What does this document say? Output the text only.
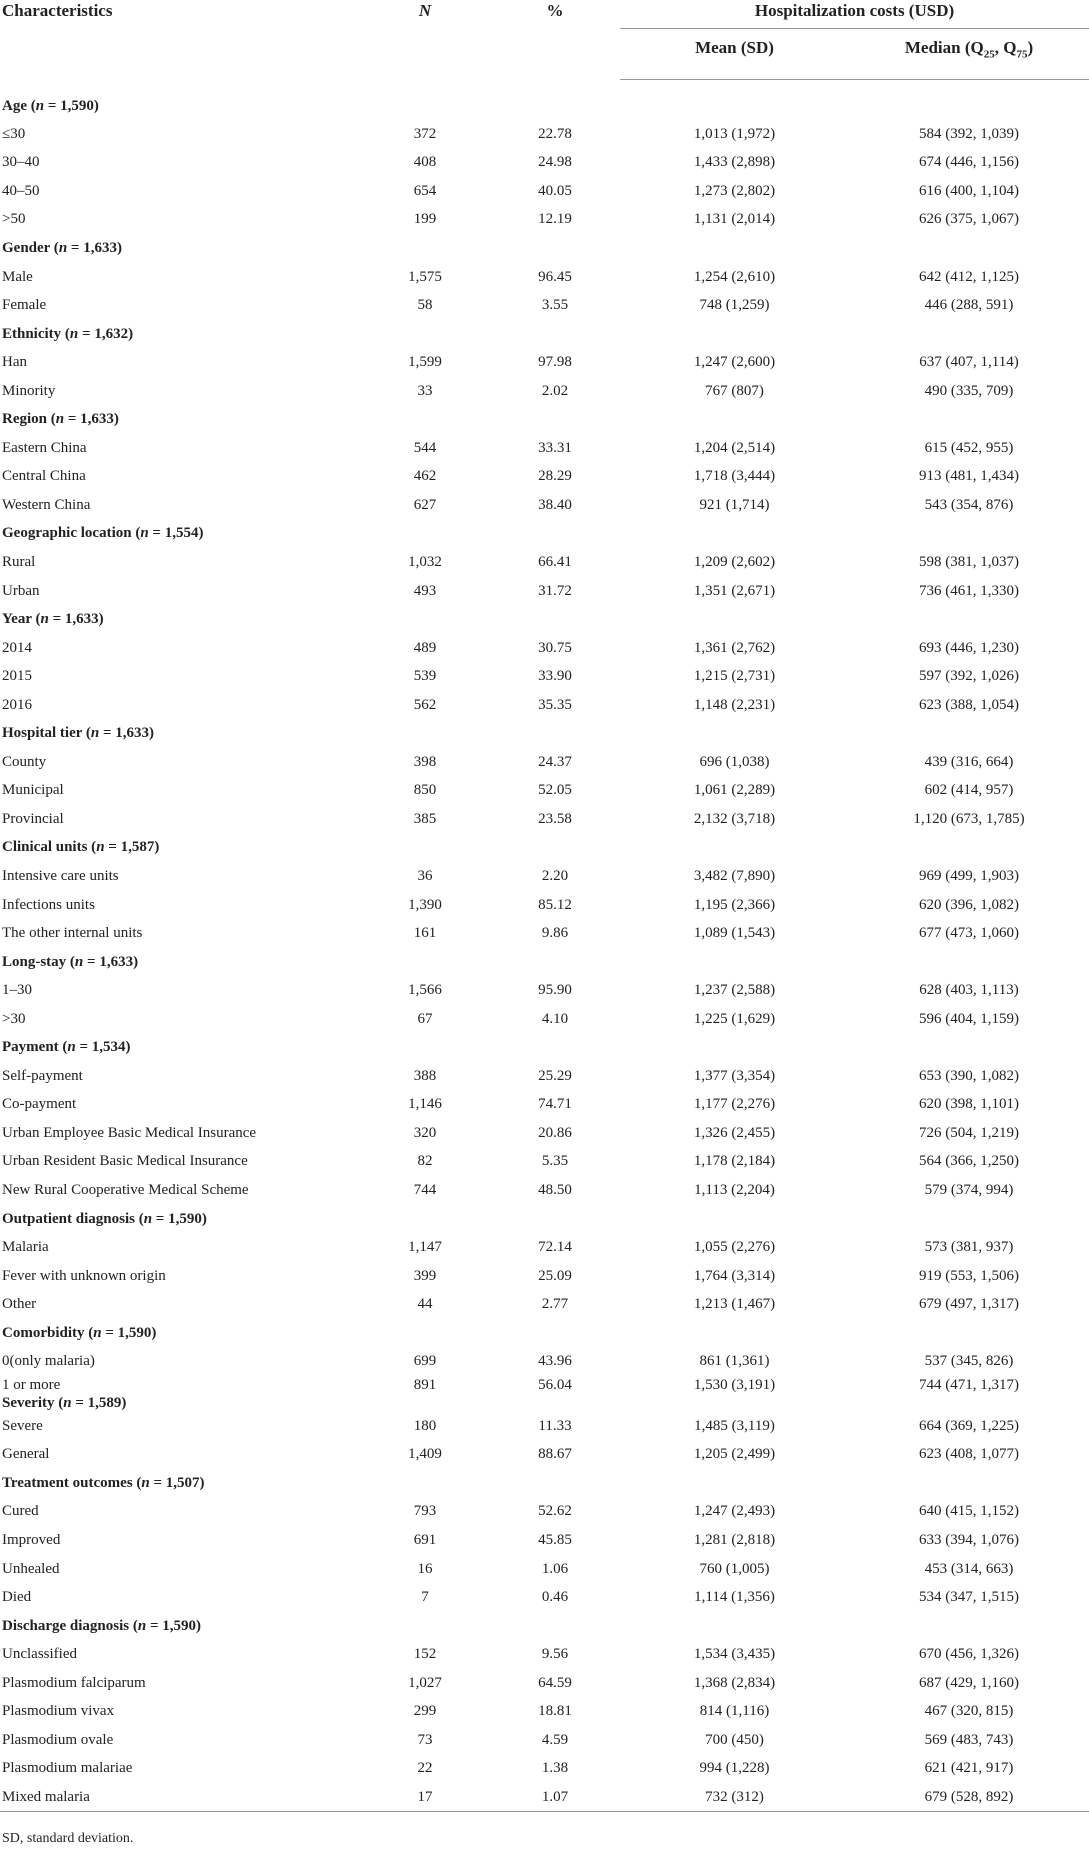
Characteristics	N	%	Hospitalization costs (USD)	
			Mean (SD)	Median ($Q_{25}$, $Q_{75}$)
Age (n = 1,590)				
≤30	372	22.78	1,013 (1,972)	584 (392, 1,039)
30–40	408	24.98	1,433 (2,898)	674 (446, 1,156)
40–50	654	40.05	1,273 (2,802)	616 (400, 1,104)
>50	199	12.19	1,131 (2,014)	626 (375, 1,067)
Gender (n = 1,633)				
Male	1,575	96.45	1,254 (2,610)	642 (412, 1,125)
Female	58	3.55	748 (1,259)	446 (288, 591)
Ethnicity (n = 1,632)				
Han	1,599	97.98	1,247 (2,600)	637 (407, 1,114)
Minority	33	2.02	767 (807)	490 (335, 709)
Region (n = 1,633)				
Eastern China	544	33.31	1,204 (2,514)	615 (452, 955)
Central China	462	28.29	1,718 (3,444)	913 (481, 1,434)
Western China	627	38.40	921 (1,714)	543 (354, 876)
Geographic location (n = 1,554)				
Rural	1,032	66.41	1,209 (2,602)	598 (381, 1,037)
Urban	493	31.72	1,351 (2,671)	736 (461, 1,330)
Year (n = 1,633)				
2014	489	30.75	1,361 (2,762)	693 (446, 1,230)
2015	539	33.90	1,215 (2,731)	597 (392, 1,026)
2016	562	35.35	1,148 (2,231)	623 (388, 1,054)
Hospital tier (n = 1,633)				
County	398	24.37	696 (1,038)	439 (316, 664)
Municipal	850	52.05	1,061 (2,289)	602 (414, 957)
Provincial	385	23.58	2,132 (3,718)	1,120 (673, 1,785)
Clinical units (n = 1,587)				
Intensive care units	36	2.20	3,482 (7,890)	969 (499, 1,903)
Infections units	1,390	85.12	1,195 (2,366)	620 (396, 1,082)
The other internal units	161	9.86	1,089 (1,543)	677 (473, 1,060)
Long-stay (n = 1,633)				
1–30	1,566	95.90	1,237 (2,588)	628 (403, 1,113)
>30	67	4.10	1,225 (1,629)	596 (404, 1,159)
Payment (n = 1,534)				
Self-payment	388	25.29	1,377 (3,354)	653 (390, 1,082)
Co-payment	1,146	74.71	1,177 (2,276)	620 (398, 1,101)
Urban Employee Basic Medical Insurance	320	20.86	1,326 (2,455)	726 (504, 1,219)
Urban Resident Basic Medical Insurance	82	5.35	1,178 (2,184)	564 (366, 1,250)
New Rural Cooperative Medical Scheme	744	48.50	1,113 (2,204)	579 (374, 994)
Outpatient diagnosis (n = 1,590)				
Malaria	1,147	72.14	1,055 (2,276)	573 (381, 937)
Fever with unknown origin	399	25.09	1,764 (3,314)	919 (553, 1,506)
Other	44	2.77	1,213 (1,467)	679 (497, 1,317)
Comorbidity (n = 1,590)				
0(only malaria)	699	43.96	861 (1,361)	537 (345, 826)
1 or more	891	56.04	1,530 (3,191)	744 (471, 1,317)
Severity (n = 1,589)				
Severe	180	11.33	1,485 (3,119)	664 (369, 1,225)
General	1,409	88.67	1,205 (2,499)	623 (408, 1,077)
Treatment outcomes (n = 1,507)				
Cured	793	52.62	1,247 (2,493)	640 (415, 1,152)
Improved	691	45.85	1,281 (2,818)	633 (394, 1,076)
Unhealed	16	1.06	760 (1,005)	453 (314, 663)
Died	7	0.46	1,114 (1,356)	534 (347, 1,515)
Discharge diagnosis (n = 1,590)				
Unclassified	152	9.56	1,534 (3,435)	670 (456, 1,326)
Plasmodium falciparum	1,027	64.59	1,368 (2,834)	687 (429, 1,160)
Plasmodium vivax	299	18.81	814 (1,116)	467 (320, 815)
Plasmodium ovale	73	4.59	700 (450)	569 (483, 743)
Plasmodium malariae	22	1.38	994 (1,228)	621 (421, 917)
Mixed malaria	17	1.07	732 (312)	679 (528, 892)
SD, standard deviation.
